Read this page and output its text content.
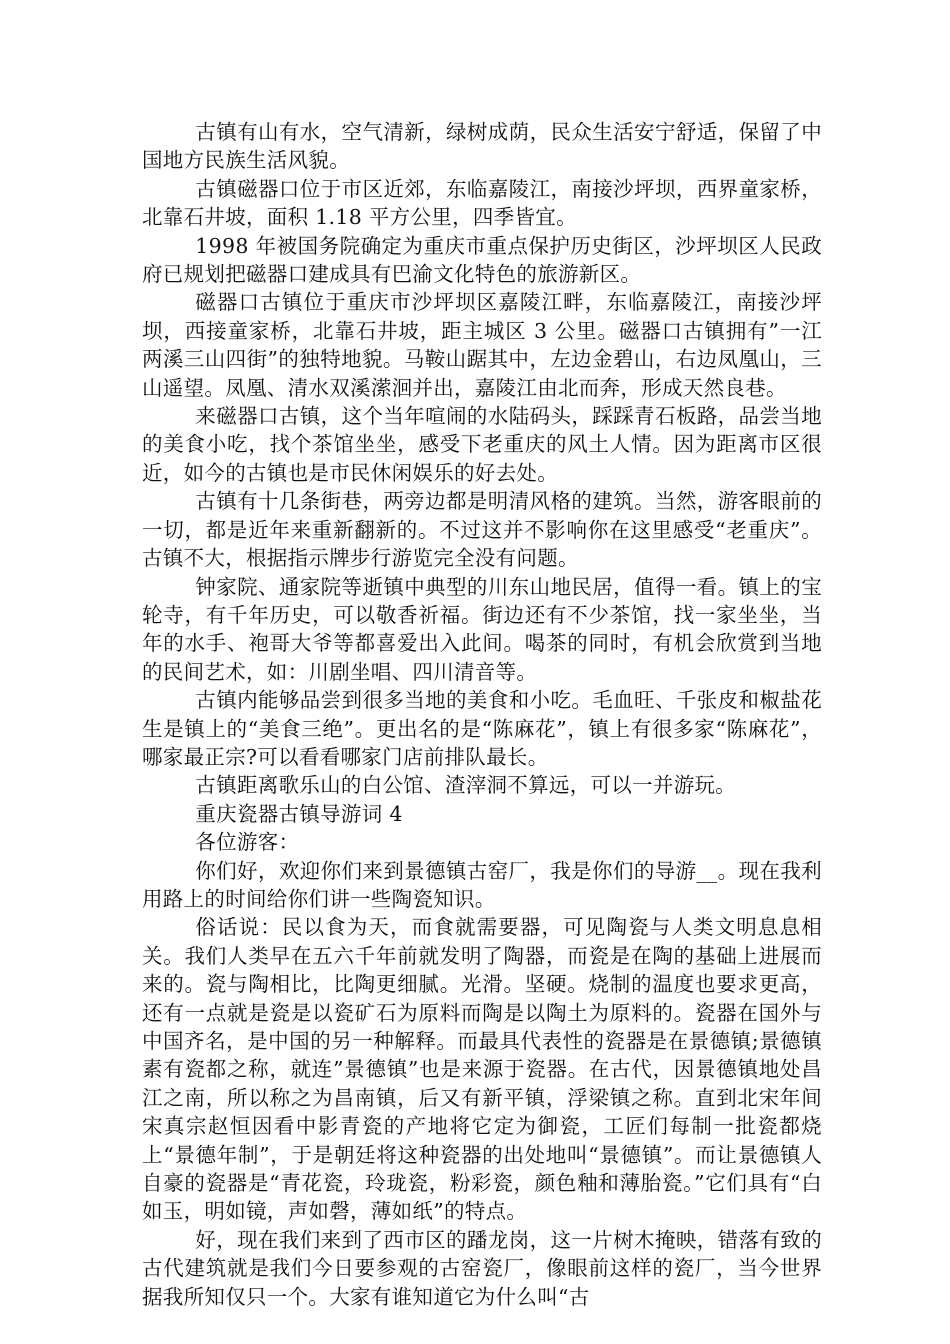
古镇有山有水，空气清新，绿树成荫，民众生活安宁舒适，保留了中国地方民族生活风貌。

古镇磁器口位于市区近郊，东临嘉陵江，南接沙坪坝，西界童家桥，北靠石井坡，面积 1.18 平方公里，四季皆宜。

1998 年被国务院确定为重庆市重点保护历史街区，沙坪坝区人民政府已规划把磁器口建成具有巴渝文化特色的旅游新区。

磁器口古镇位于重庆市沙坪坝区嘉陵江畔，东临嘉陵江，南接沙坪坝，西接童家桥，北靠石井坡，距主城区 3 公里。磁器口古镇拥有”一江两溪三山四街”的独特地貌。马鞍山踞其中，左边金碧山，右边凤凰山，三山遥望。凤凰、清水双溪潆洄并出，嘉陵江由北而奔，形成天然良巷。

来磁器口古镇，这个当年喧闹的水陆码头，踩踩青石板路，品尝当地的美食小吃，找个茶馆坐坐，感受下老重庆的风土人情。因为距离市区很近，如今的古镇也是市民休闲娱乐的好去处。

古镇有十几条街巷，两旁边都是明清风格的建筑。当然，游客眼前的一切，都是近年来重新翻新的。不过这并不影响你在这里感受“老重庆”。古镇不大，根据指示牌步行游览完全没有问题。

钟家院、通家院等逝镇中典型的川东山地民居，值得一看。镇上的宝轮寺，有千年历史，可以敬香祈福。街边还有不少茶馆，找一家坐坐，当年的水手、袍哥大爷等都喜爱出入此间。喝茶的同时，有机会欣赏到当地的民间艺术，如：川剧坐唱、四川清音等。

古镇内能够品尝到很多当地的美食和小吃。毛血旺、千张皮和椒盐花生是镇上的“美食三绝”。更出名的是“陈麻花”，镇上有很多家“陈麻花”，哪家最正宗?可以看看哪家门店前排队最长。

古镇距离歌乐山的白公馆、渣滓洞不算远，可以一并游玩。

重庆瓷器古镇导游词 4

各位游客：

你们好，欢迎你们来到景德镇古窑厂，我是你们的导游__。现在我利用路上的时间给你们讲一些陶瓷知识。

俗话说：民以食为天，而食就需要器，可见陶瓷与人类文明息息相关。我们人类早在五六千年前就发明了陶器，而瓷是在陶的基础上进展而来的。瓷与陶相比，比陶更细腻。光滑。坚硬。烧制的温度也要求更高，还有一点就是瓷是以瓷矿石为原料而陶是以陶土为原料的。瓷器在国外与中国齐名，是中国的另一种解释。而最具代表性的瓷器是在景德镇;景德镇素有瓷都之称，就连”景德镇”也是来源于瓷器。在古代，因景德镇地处昌江之南，所以称之为昌南镇，后又有新平镇，浮梁镇之称。直到北宋年间宋真宗赵恒因看中影青瓷的产地将它定为御瓷，工匠们每制一批瓷都烧上“景德年制”，于是朝廷将这种瓷器的出处地叫“景德镇”。而让景德镇人自豪的瓷器是“青花瓷，玲珑瓷，粉彩瓷，颜色釉和薄胎瓷。”它们具有“白如玉，明如镜，声如磬，薄如纸”的特点。

好，现在我们来到了西市区的蹯龙岗，这一片树木掩映，错落有致的古代建筑就是我们今日要参观的古窑瓷厂，像眼前这样的瓷厂，当今世界据我所知仅只一个。大家有谁知道它为什么叫“古
